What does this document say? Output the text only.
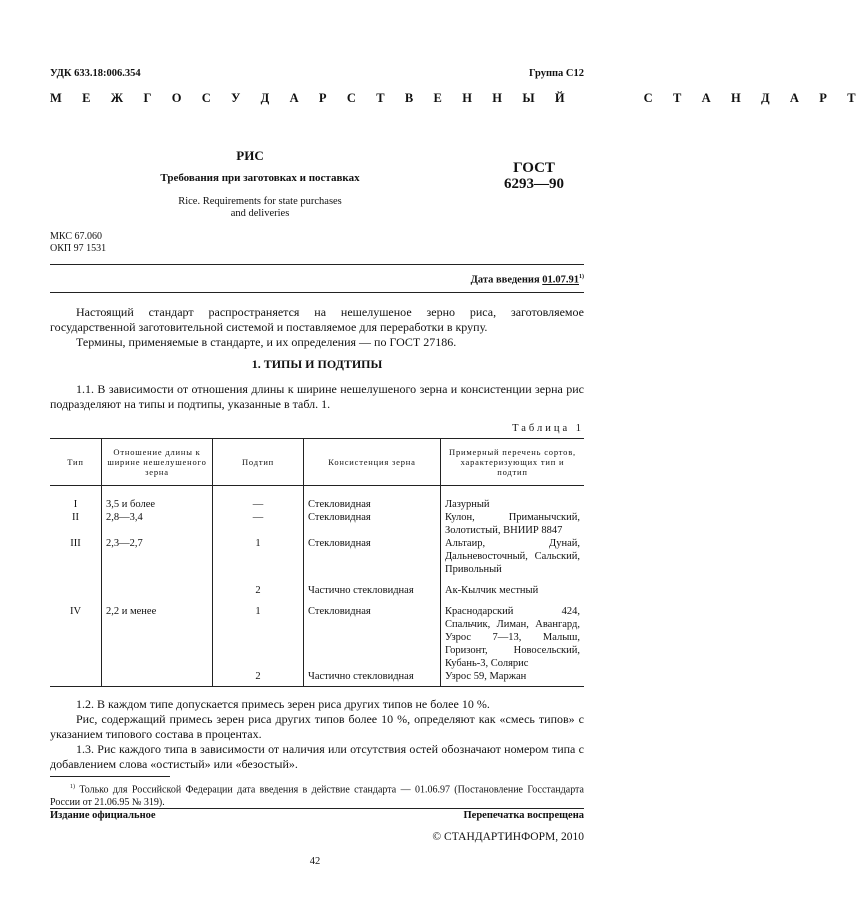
УДК 633.18:006.354	Группа С12
М Е Ж Г О С У Д А Р С Т В Е Н Н Ы Й      С Т А Н Д А Р Т
РИС
Требования при заготовках и поставках
Rice. Requirements for state purchases
and deliveries
ГОСТ
6293—90
МКС 67.060
ОКП 97 1531
Дата введения 01.07.91$^{1)}$

Настоящий стандарт распространяется на нешелушеное зерно риса, заготовляемое государственной заготовительной системой и поставляемое для переработки в крупу.

Термины, применяемые в стандарте, и их определения — по ГОСТ 27186.

1. ТИПЫ И ПОДТИПЫ

1.1. В зависимости от отношения длины к ширине нешелушеного зерна и консистенции зерна рис подразделяют на типы и подтипы, указанные в табл. 1.

Таблица 1
Тип	Отношение длины к ширине нешелушеного зерна	Подтип	Консистенция зерна	Примерный перечень сортов, характеризующих тип и подтип

I	3,5 и более	—	Стекловидная	Лазурный
II	2,8—3,4	—	Стекловидная	Кулон, Приманычский, Золотистый, ВНИИР 8847
III	2,3—2,7	1	Стекловидная	Альтаир, Дунай, Дальневосточный, Сальский, Привольный
		2	Частично стекловидная	Ак-Кылчик местный
IV	2,2 и менее	1	Стекловидная	Краснодарский 424, Спальчик, Лиман, Авангард, Узрос 7—13, Малыш, Горизонт, Новосельский, Кубань-3, Солярис
		2	Частично стекловидная	Узрос 59, Маржан

1.2. В каждом типе допускается примесь зерен риса других типов не более 10 %.

Рис, содержащий примесь зерен риса других типов более 10 %, определяют как «смесь типов» с указанием типового состава в процентах.

1.3. Рис каждого типа в зависимости от наличия или отсутствия остей обозначают номером типа с добавлением слова «остистый» или «безостый».

$^{1)}$ Только для Российской Федерации дата введения в действие стандарта — 01.06.97 (Постановление Госстандарта России от 21.06.95 № 319).
Издание официальное	Перепечатка воспрещена
© СТАНДАРТИНФОРМ, 2010
42
